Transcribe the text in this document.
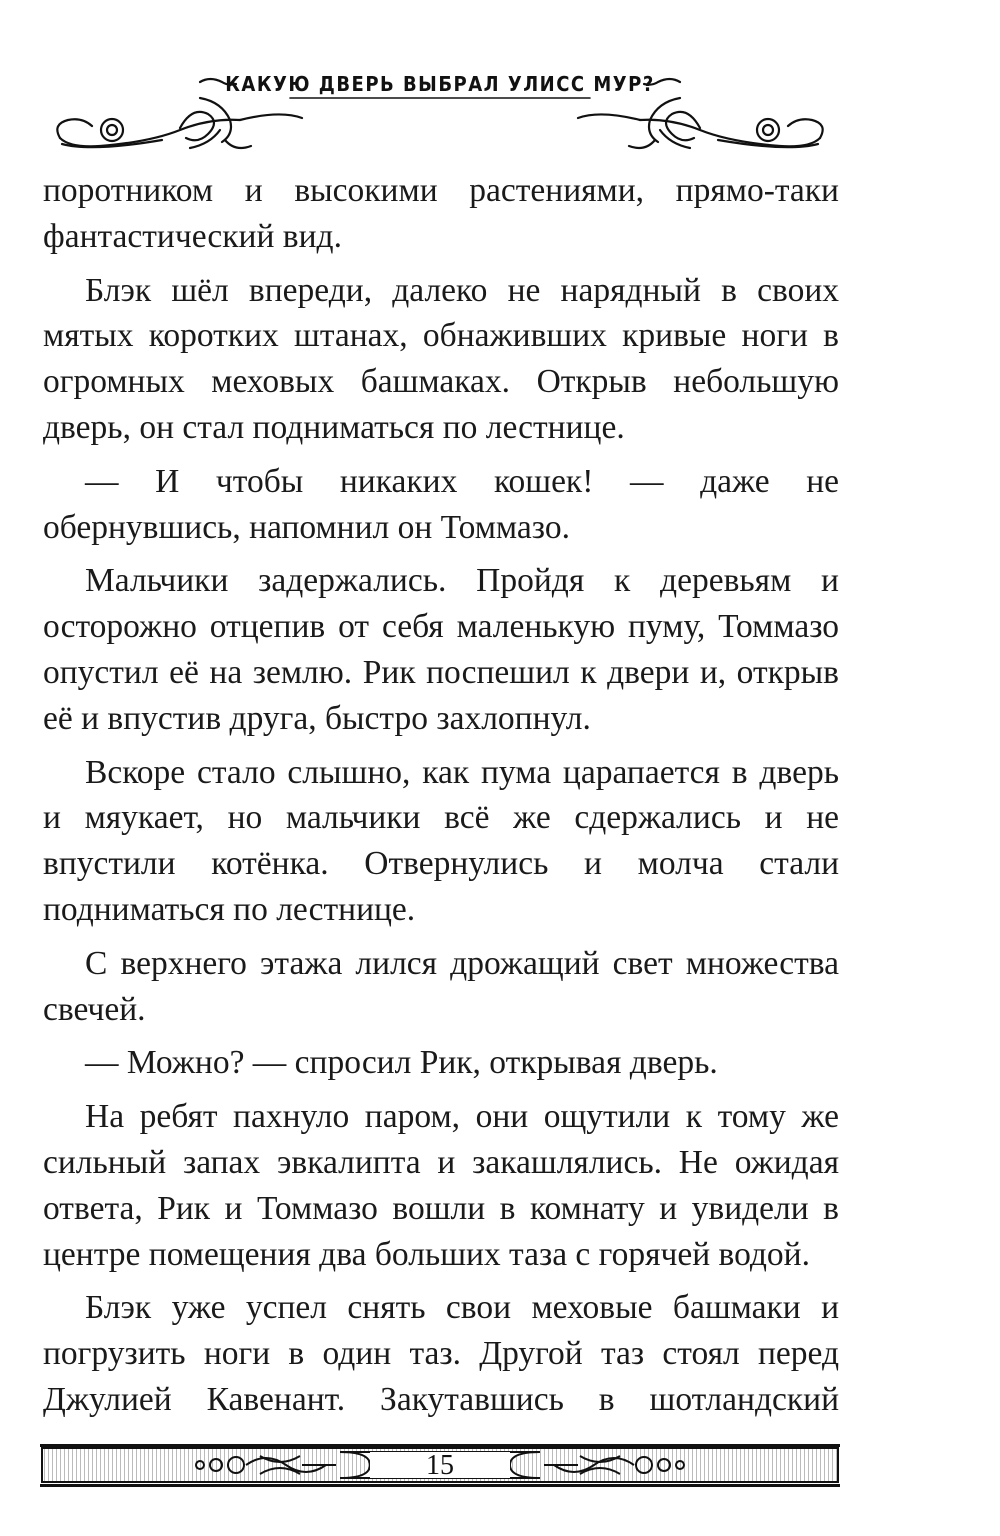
КАКУЮ ДВЕРЬ ВЫБРАЛ УЛИСС МУР?

поротником и высокими растениями, прямо-таки фантастический вид.

Блэк шёл впереди, далеко не нарядный в своих мятых коротких штанах, обнаживших кривые ноги в огромных меховых башмаках. Открыв небольшую дверь, он стал подниматься по лестнице.

— И чтобы никаких кошек! — даже не обернувшись, напомнил он Томмазо.

Мальчики задержались. Пройдя к деревьям и осторожно отцепив от себя маленькую пуму, Томмазо опустил её на землю. Рик поспешил к двери и, открыв её и впустив друга, быстро захлопнул.

Вскоре стало слышно, как пума царапается в дверь и мяукает, но мальчики всё же сдержались и не впустили котёнка. Отвернулись и молча стали подниматься по лестнице.

С верхнего этажа лился дрожащий свет множества свечей.

— Можно? — спросил Рик, открывая дверь.

На ребят пахнуло паром, они ощутили к тому же сильный запах эвкалипта и закашлялись. Не ожидая ответа, Рик и Томмазо вошли в комнату и увидели в центре помещения два больших таза с горячей водой.

Блэк уже успел снять свои меховые башмаки и погрузить ноги в один таз. Другой таз стоял перед Джулией Кавенант. Закутавшись в шотландский

15
